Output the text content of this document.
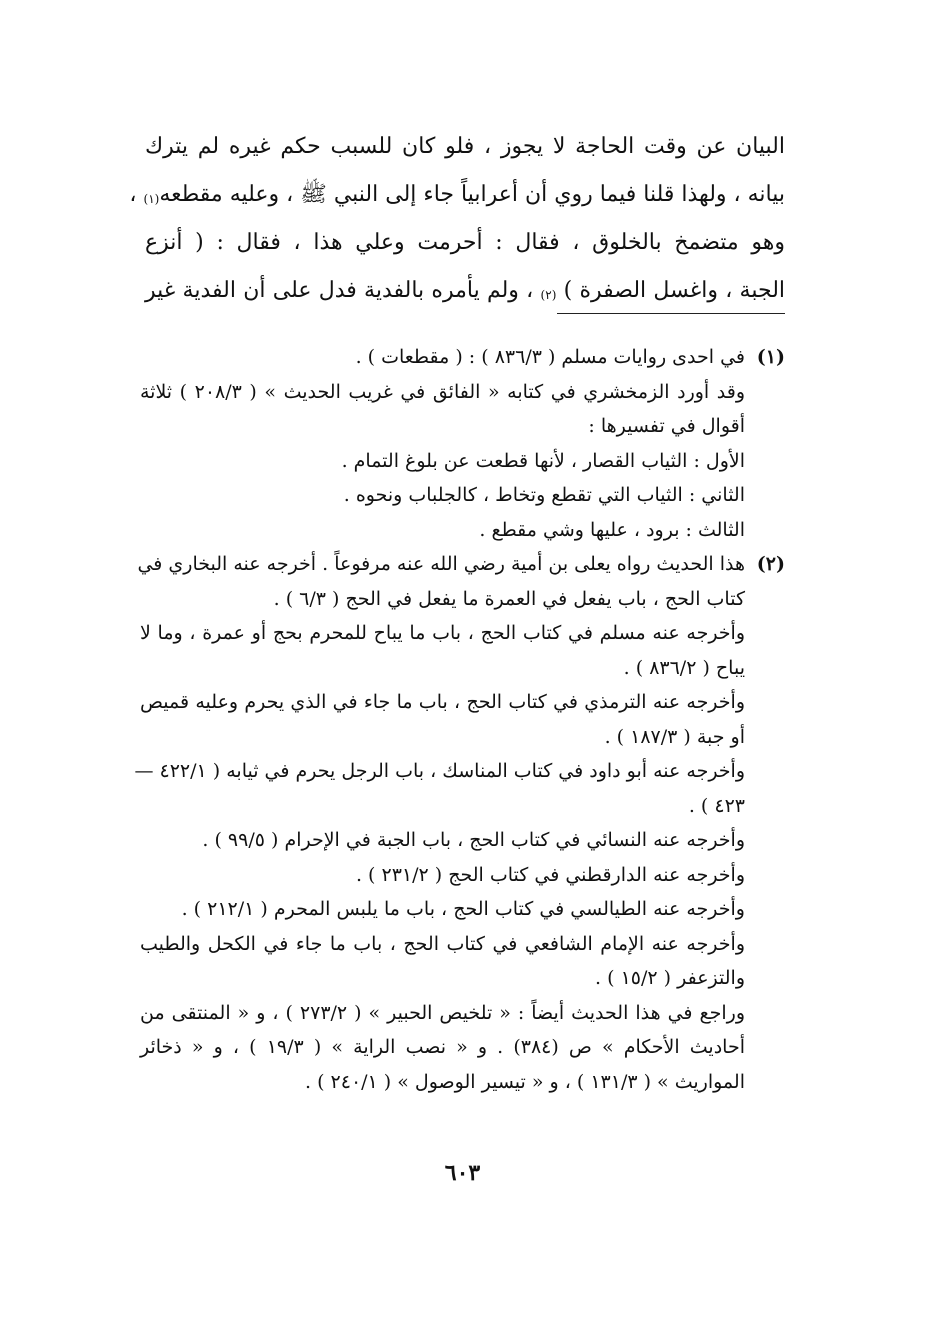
البيان عن وقت الحاجة لا يجوز ، فلو كان للسبب حكم غيره لم يترك
بيانه ، ولهذا قلنا فيما روي أن أعرابياً جاء إلى النبي ﷺ ، وعليه مقطعه$^{(١)}$ ،
وهو متضمخ بالخلوق ، فقال : أحرمت وعلي هذا ، فقال : ( أنزع
الجبة ، واغسل الصفرة ) $^{(٢)}$ ، ولم يأمره بالفدية فدل على أن الفدية غير
(١)
في احدى روايات مسلم ( ٨٣٦/٣ ) : ( مقطعات ) .
وقد أورد الزمخشري في كتابه « الفائق في غريب الحديث » ( ٢٠٨/٣ ) ثلاثة
أقوال في تفسيرها :
الأول : الثياب القصار ، لأنها قطعت عن بلوغ التمام .
الثاني : الثياب التي تقطع وتخاط ، كالجلباب ونحوه .
الثالث : برود ، عليها وشي مقطع .
(٢)
هذا الحديث رواه يعلى بن أمية رضي الله عنه مرفوعاً . أخرجه عنه البخاري في
كتاب الحج ، باب يفعل في العمرة ما يفعل في الحج ( ٦/٣ ) .
وأخرجه عنه مسلم في كتاب الحج ، باب ما يباح للمحرم بحج أو عمرة ، وما لا
يباح ( ٨٣٦/٢ ) .
وأخرجه عنه الترمذي في كتاب الحج ، باب ما جاء في الذي يحرم وعليه قميص
أو جبة ( ١٨٧/٣ ) .
وأخرجه عنه أبو داود في كتاب المناسك ، باب الرجل يحرم في ثيابه ( ٤٢٢/١ —
٤٢٣ ) .
وأخرجه عنه النسائي في كتاب الحج ، باب الجبة في الإحرام ( ٩٩/٥ ) .
وأخرجه عنه الدارقطني في كتاب الحج ( ٢٣١/٢ ) .
وأخرجه عنه الطيالسي في كتاب الحج ، باب ما يلبس المحرم ( ٢١٢/١ ) .
وأخرجه عنه الإمام الشافعي في كتاب الحج ، باب ما جاء في الكحل والطيب
والتزعفر ( ١٥/٢ ) .
وراجع في هذا الحديث أيضاً : « تلخيص الحبير » ( ٢٧٣/٢ ) ، و « المنتقى من
أحاديث الأحكام » ص (٣٨٤) . و « نصب الراية » ( ١٩/٣ ) ، و « ذخائر
المواريث » ( ١٣١/٣ ) ، و « تيسير الوصول » ( ٢٤٠/١ ) .
٦٠٣
